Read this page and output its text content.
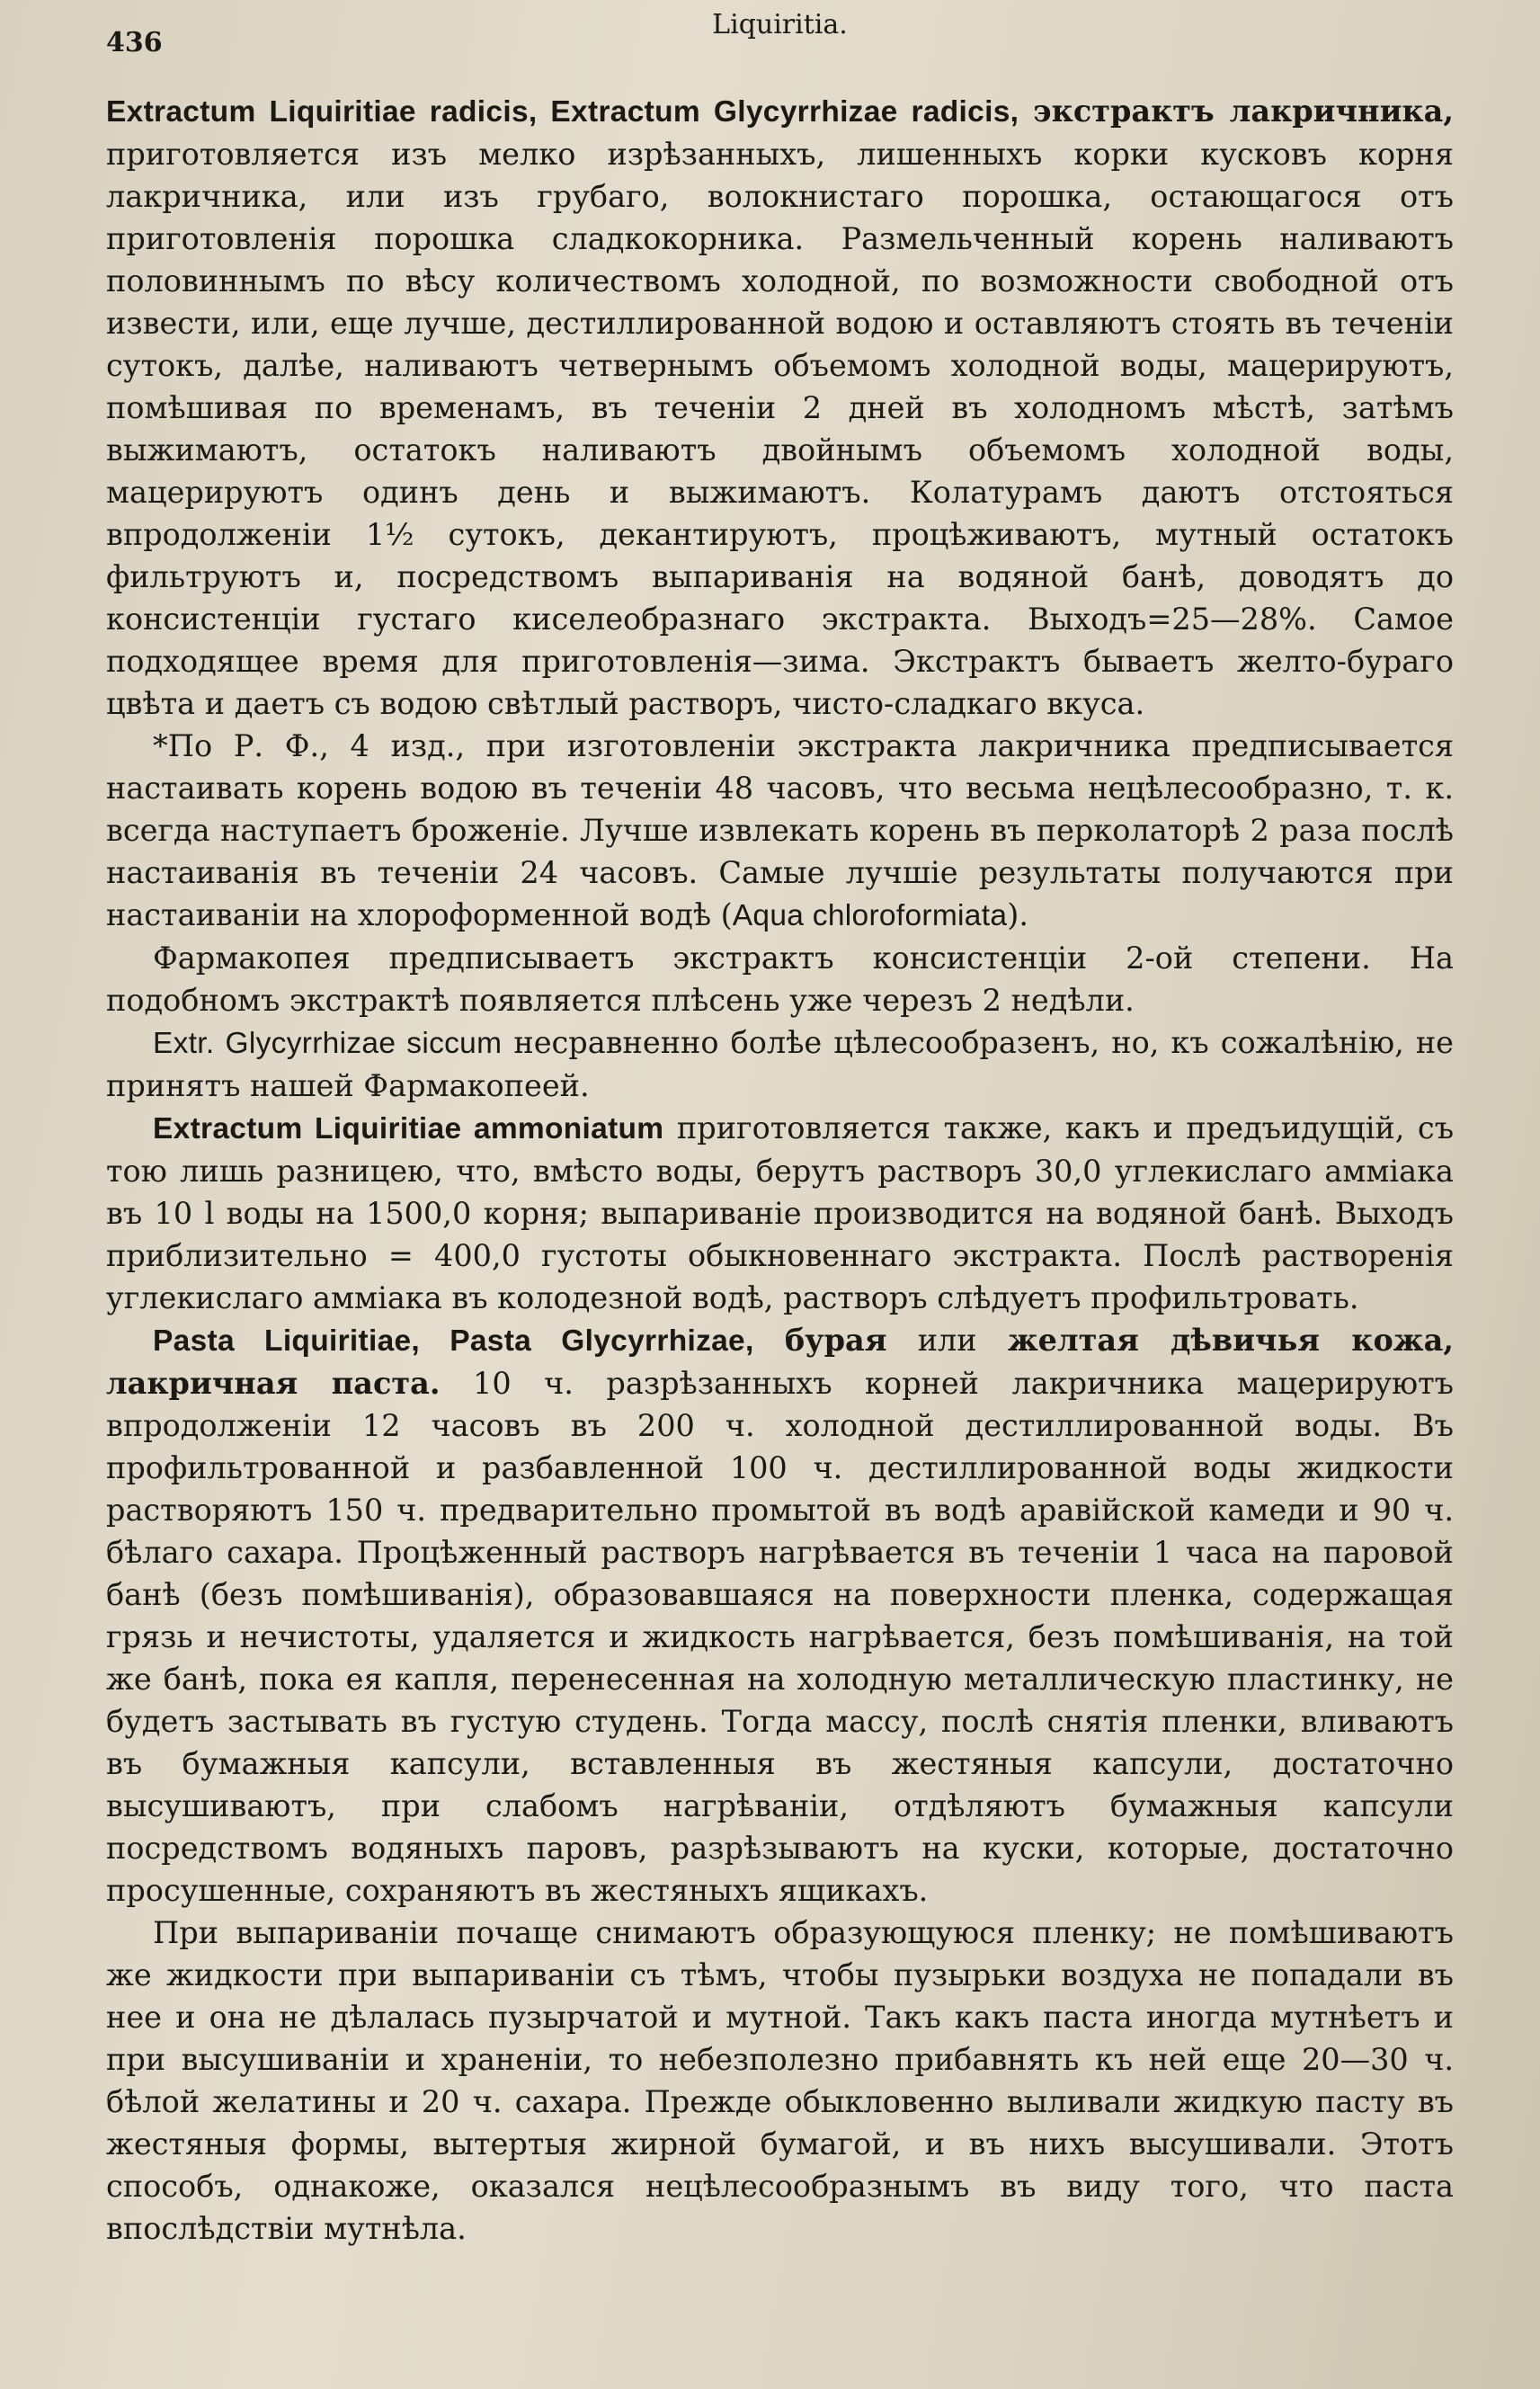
436
Liquiritia.

Extractum Liquiritiae radicis, Extractum Glycyrrhizae radicis, экстрактъ лакричника, приготовляется изъ мелко изрѣзанныхъ, лишенныхъ корки кусковъ корня лакричника, или изъ грубаго, волокнистаго порошка, остающагося отъ приготовленія порошка сладкокорника. Размельченный корень наливаютъ половиннымъ по вѣсу количествомъ холодной, по возможности свободной отъ извести, или, еще лучше, дестиллированной водою и оставляютъ стоять въ теченіи сутокъ, далѣе, наливаютъ четвернымъ объемомъ холодной воды, мацерируютъ, помѣшивая по временамъ, въ теченіи 2 дней въ холодномъ мѣстѣ, затѣмъ выжимаютъ, остатокъ наливаютъ двойнымъ объемомъ холодной воды, мацерируютъ одинъ день и выжимаютъ. Колатурамъ даютъ отстояться впродолженіи 1½ сутокъ, декантируютъ, процѣживаютъ, мутный остатокъ фильтруютъ и, посредствомъ выпариванія на водяной банѣ, доводятъ до консистенціи густаго киселеобразнаго экстракта. Выходъ=25—28%. Самое подходящее время для приготовленія—зима. Экстрактъ бываетъ желто-бураго цвѣта и даетъ съ водою свѣтлый растворъ, чисто-сладкаго вкуса.

*По Р. Ф., 4 изд., при изготовленіи экстракта лакричника предписывается настаивать корень водою въ теченіи 48 часовъ, что весьма нецѣлесообразно, т. к. всегда наступаетъ броженіе. Лучше извлекать корень въ перколаторѣ 2 раза послѣ настаиванія въ теченіи 24 часовъ. Самые лучшіе результаты получаются при настаиваніи на хлороформенной водѣ (Aqua chloroformiata).

Фармакопея предписываетъ экстрактъ консистенціи 2-ой степени. На подобномъ экстрактѣ появляется плѣсень уже черезъ 2 недѣли.

Extr. Glycyrrhizae siccum несравненно болѣе цѣлесообразенъ, но, къ сожалѣнію, не принятъ нашей Фармакопеей.

Extractum Liquiritiae ammoniatum приготовляется также, какъ и предъидущій, съ тою лишь разницею, что, вмѣсто воды, берутъ растворъ 30,0 углекислаго амміака въ 10 l воды на 1500,0 корня; выпариваніе производится на водяной банѣ. Выходъ приблизительно = 400,0 густоты обыкновеннаго экстракта. Послѣ растворенія углекислаго амміака въ колодезной водѣ, растворъ слѣдуетъ профильтровать.

Pasta Liquiritiae, Pasta Glycyrrhizae, бурая или желтая дѣвичья кожа, лакричная паста. 10 ч. разрѣзанныхъ корней лакричника мацерируютъ впродолженіи 12 часовъ въ 200 ч. холодной дестиллированной воды. Въ профильтрованной и разбавленной 100 ч. дестиллированной воды жидкости растворяютъ 150 ч. предварительно промытой въ водѣ аравійской камеди и 90 ч. бѣлаго сахара. Процѣженный растворъ нагрѣвается въ теченіи 1 часа на паровой банѣ (безъ помѣшиванія), образовавшаяся на поверхности пленка, содержащая грязь и нечистоты, удаляется и жидкость нагрѣвается, безъ помѣшиванія, на той же банѣ, пока ея капля, перенесенная на холодную металлическую пластинку, не будетъ застывать въ густую студень. Тогда массу, послѣ снятія пленки, вливаютъ въ бумажныя капсули, вставленныя въ жестяныя капсули, достаточно высушиваютъ, при слабомъ нагрѣваніи, отдѣляютъ бумажныя капсули посредствомъ водяныхъ паровъ, разрѣзываютъ на куски, которые, достаточно просушенные, сохраняютъ въ жестяныхъ ящикахъ.

При выпариваніи почаще снимаютъ образующуюся пленку; не помѣшиваютъ же жидкости при выпариваніи съ тѣмъ, чтобы пузырьки воздуха не попадали въ нее и она не дѣлалась пузырчатой и мутной. Такъ какъ паста иногда мутнѣетъ и при высушиваніи и храненіи, то небезполезно прибавнять къ ней еще 20—30 ч. бѣлой желатины и 20 ч. сахара. Прежде обыкловенно выливали жидкую пасту въ жестяныя формы, вытертыя жирной бумагой, и въ нихъ высушивали. Этотъ способъ, однакоже, оказался нецѣлесообразнымъ въ виду того, что паста впослѣдствіи мутнѣла.
